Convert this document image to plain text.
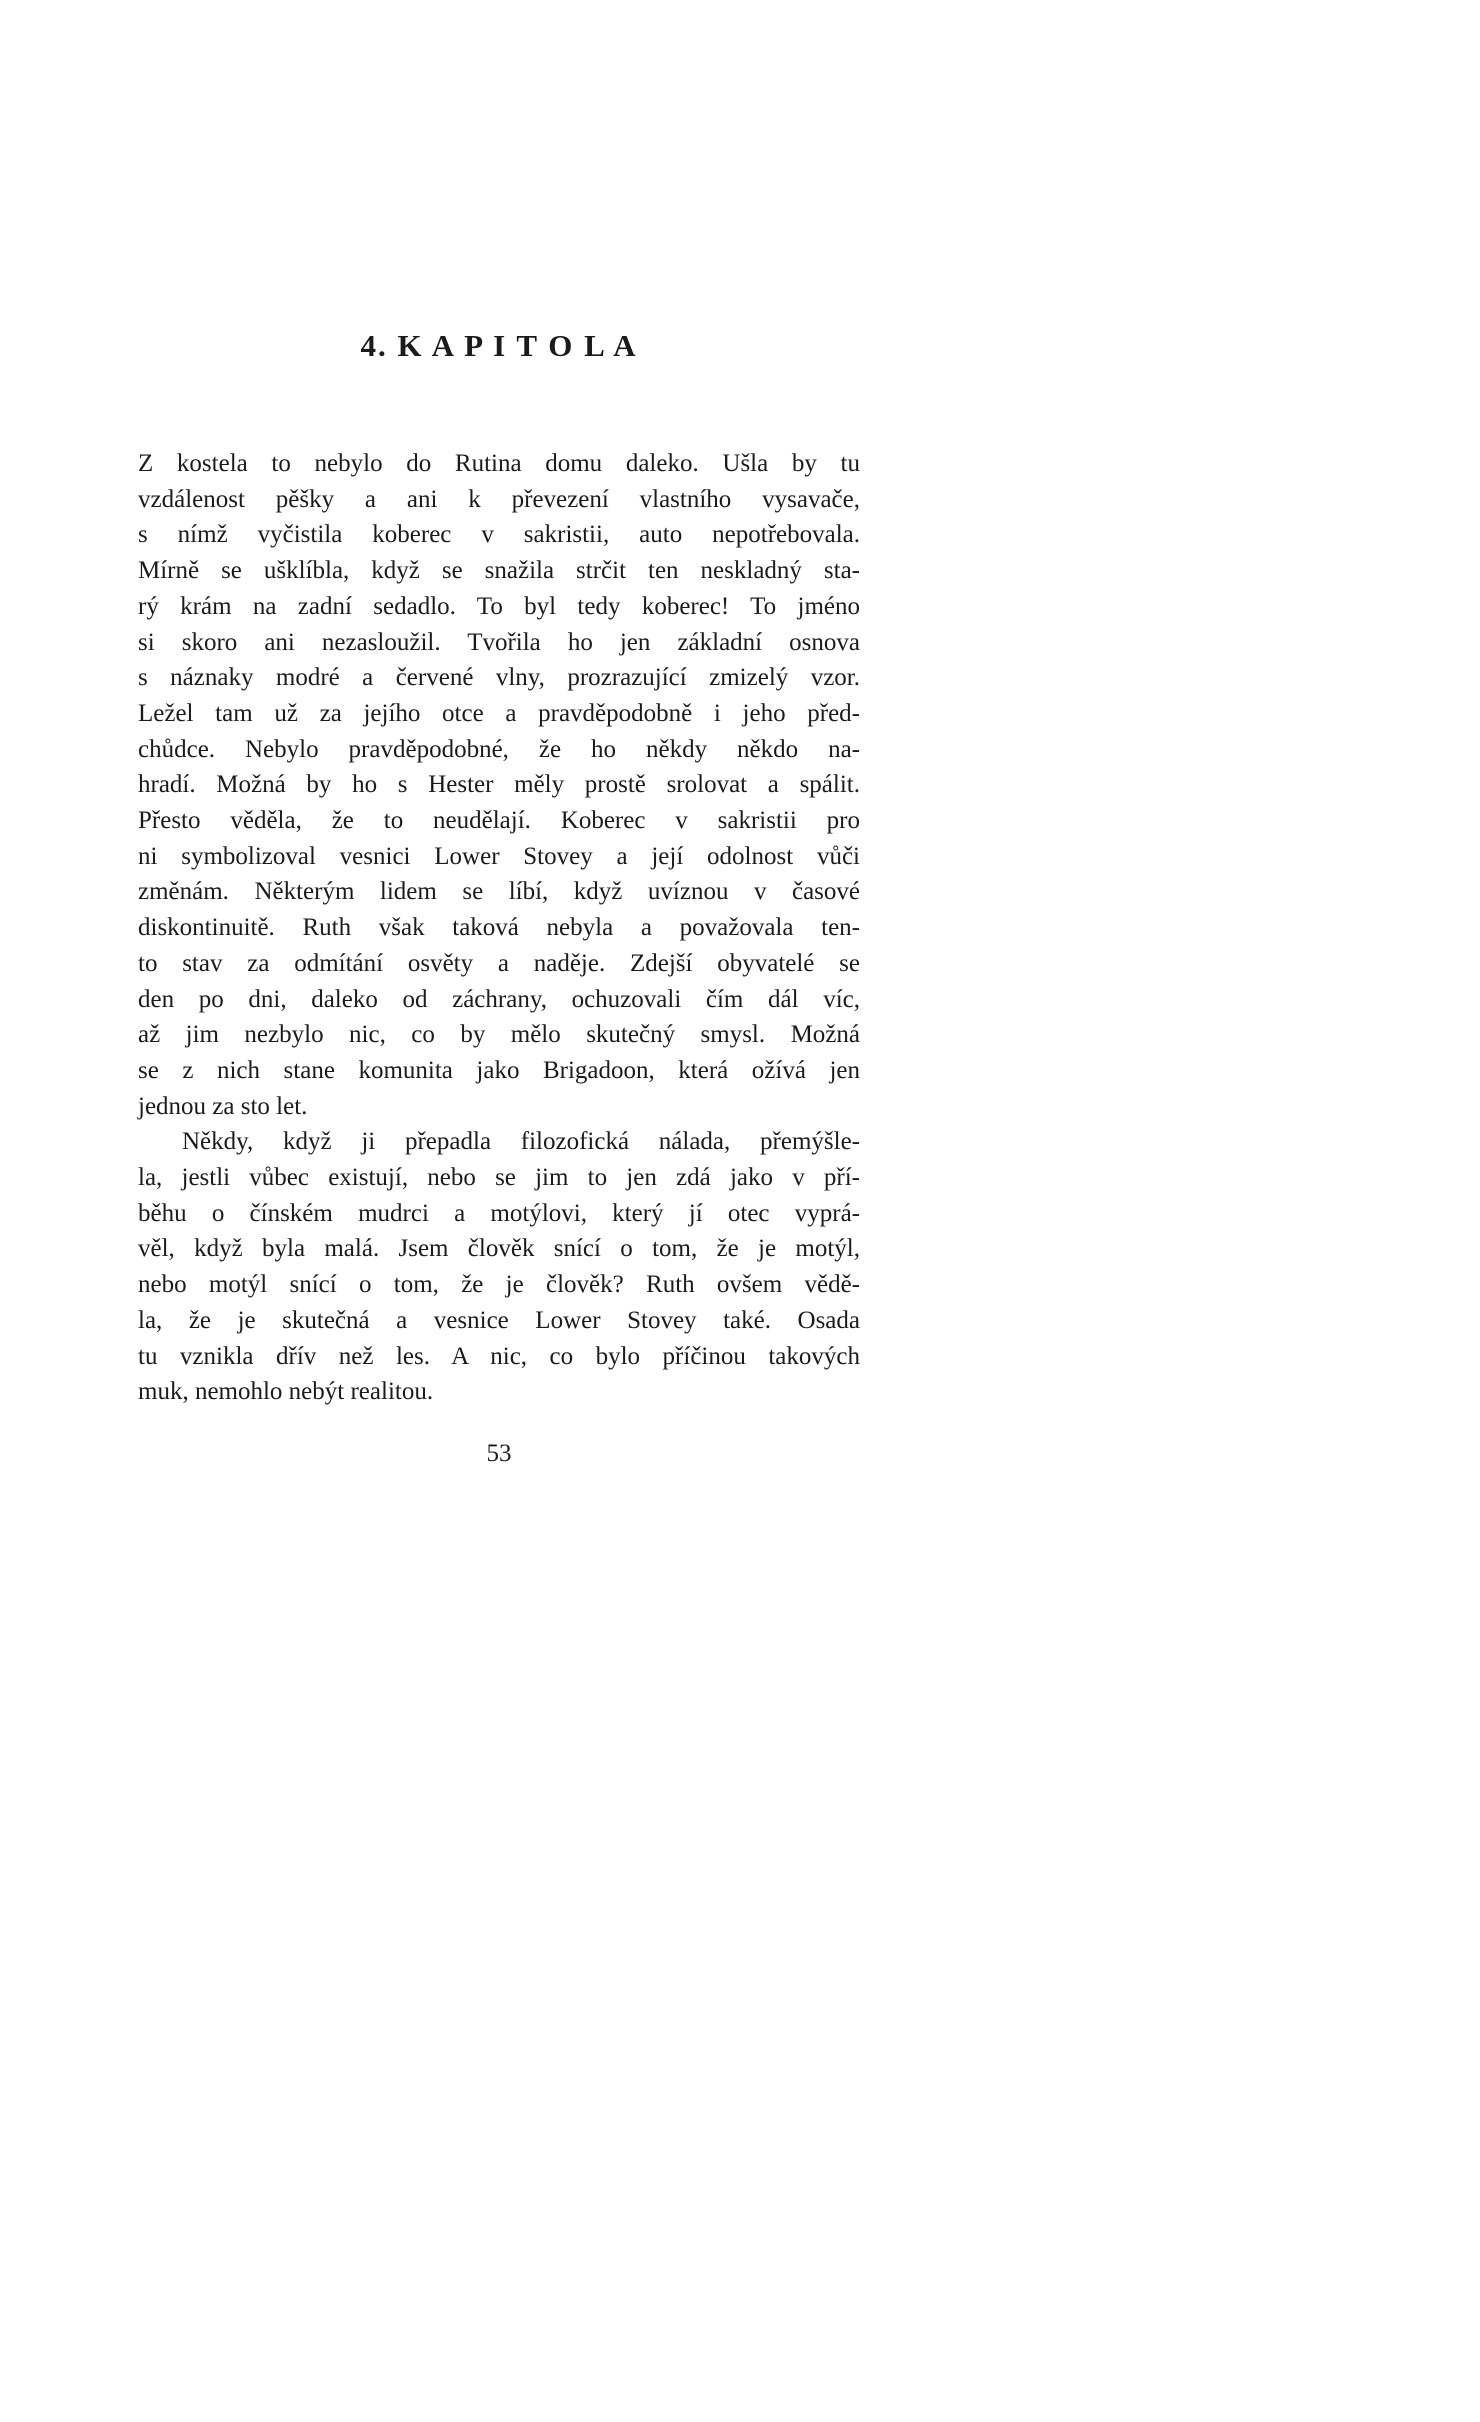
4. K A P I T O L A
Z kostela to nebylo do Rutina domu daleko. Ušla by tu
vzdálenost pěšky a ani k převezení vlastního vysavače,
s nímž vyčistila koberec v sakristii, auto nepotřebovala.
Mírně se ušklíbla, když se snažila strčit ten neskladný sta-
rý krám na zadní sedadlo. To byl tedy koberec! To jméno
si skoro ani nezasloužil. Tvořila ho jen základní osnova
s náznaky modré a červené vlny, prozrazující zmizelý vzor.
Ležel tam už za jejího otce a pravděpodobně i jeho před-
chůdce. Nebylo pravděpodobné, že ho někdy někdo na-
hradí. Možná by ho s Hester měly prostě srolovat a spálit.
Přesto věděla, že to neudělají. Koberec v sakristii pro
ni symbolizoval vesnici Lower Stovey a její odolnost vůči
změnám. Některým lidem se líbí, když uvíznou v časové
diskontinuitě. Ruth však taková nebyla a považovala ten-
to stav za odmítání osvěty a naděje. Zdejší obyvatelé se
den po dni, daleko od záchrany, ochuzovali čím dál víc,
až jim nezbylo nic, co by mělo skutečný smysl. Možná
se z nich stane komunita jako Brigadoon, která ožívá jen
jednou za sto let.
Někdy, když ji přepadla filozofická nálada, přemýšle-
la, jestli vůbec existují, nebo se jim to jen zdá jako v pří-
běhu o čínském mudrci a motýlovi, který jí otec vyprá-
věl, když byla malá. Jsem člověk snící o tom, že je motýl,
nebo motýl snící o tom, že je člověk? Ruth ovšem vědě-
la, že je skutečná a vesnice Lower Stovey také. Osada
tu vznikla dřív než les. A nic, co bylo příčinou takových
muk, nemohlo nebýt realitou.
53
